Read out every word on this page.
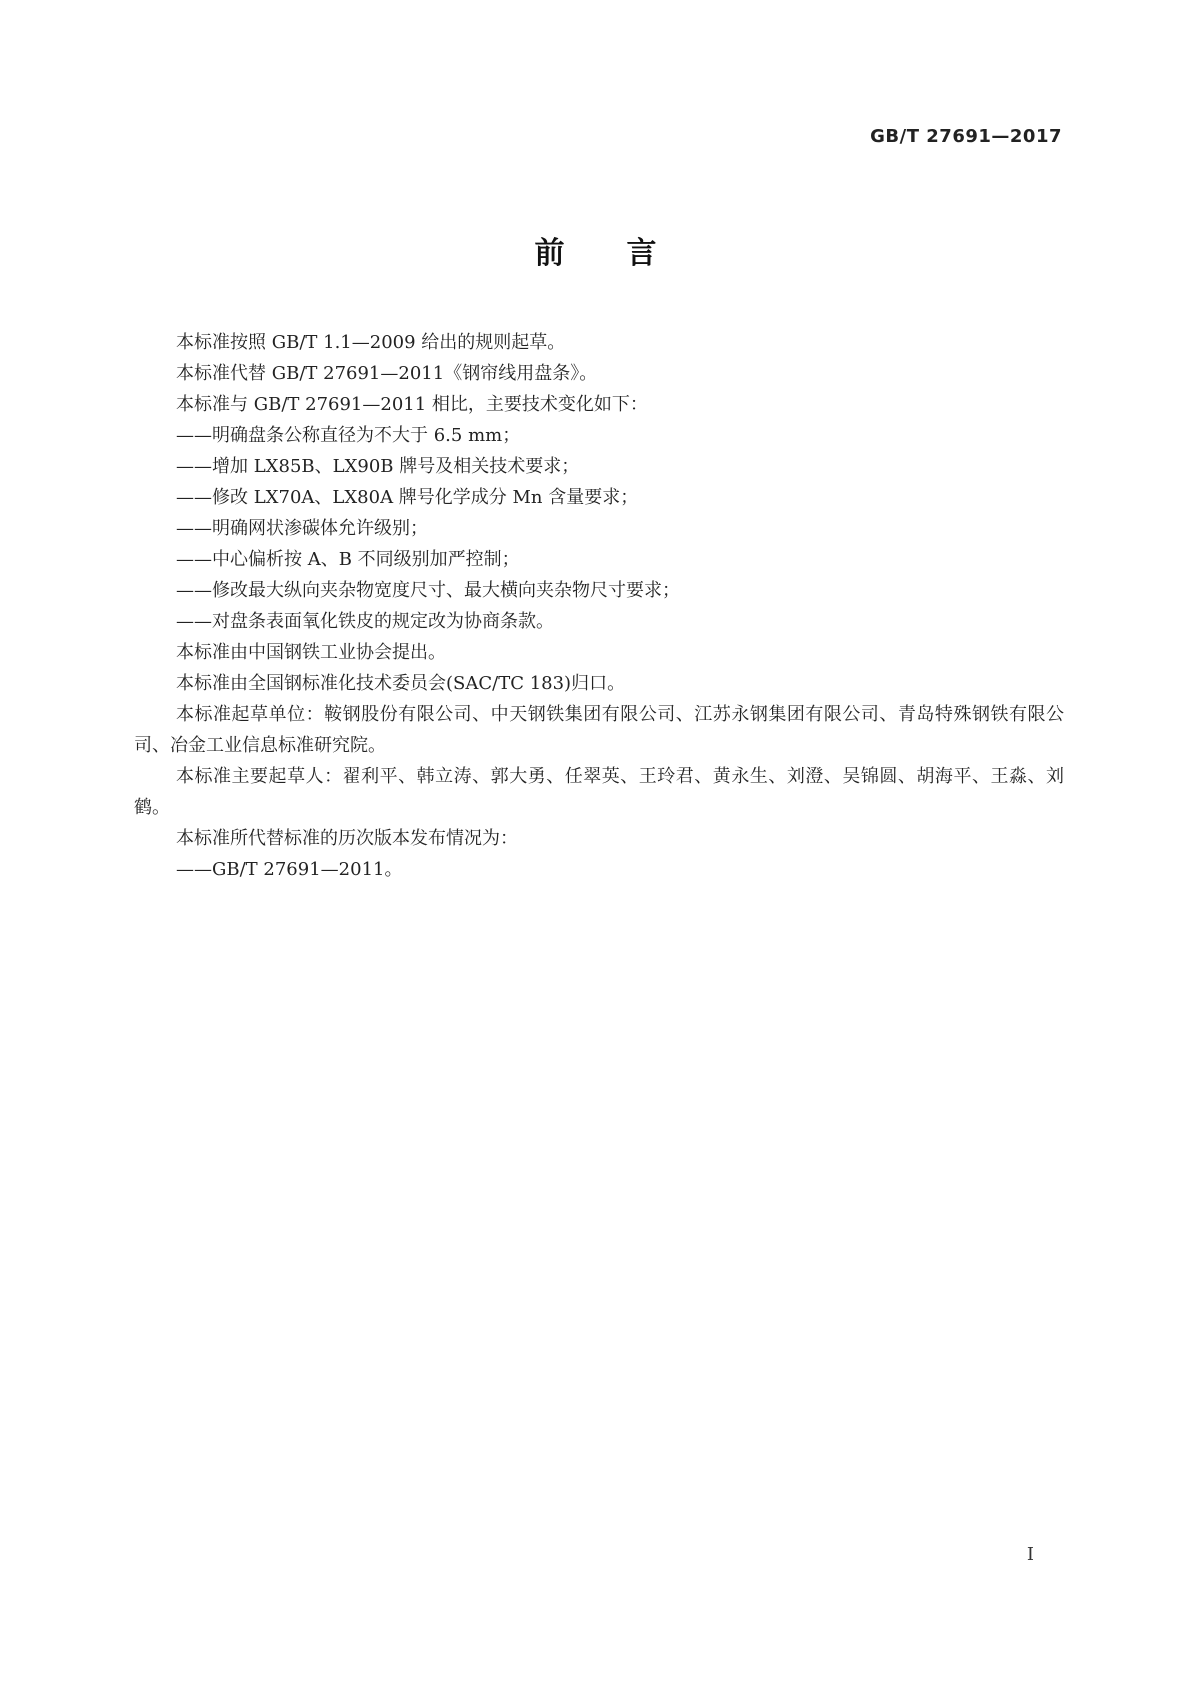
GB/T 27691—2017
前言

本标准按照 GB/T 1.1—2009 给出的规则起草。

本标准代替 GB/T 27691—2011《钢帘线用盘条》。

本标准与 GB/T 27691—2011 相比，主要技术变化如下：

——明确盘条公称直径为不大于 6.5 mm；

——增加 LX85B、LX90B 牌号及相关技术要求；

——修改 LX70A、LX80A 牌号化学成分 Mn 含量要求；

——明确网状渗碳体允许级别；

——中心偏析按 A、B 不同级别加严控制；

——修改最大纵向夹杂物宽度尺寸、最大横向夹杂物尺寸要求；

——对盘条表面氧化铁皮的规定改为协商条款。

本标准由中国钢铁工业协会提出。

本标准由全国钢标准化技术委员会(SAC/TC 183)归口。

本标准起草单位：鞍钢股份有限公司、中天钢铁集团有限公司、江苏永钢集团有限公司、青岛特殊钢铁有限公司、冶金工业信息标准研究院。

本标准主要起草人：翟利平、韩立涛、郭大勇、任翠英、王玲君、黄永生、刘澄、吴锦圆、胡海平、王淼、刘鹤。

本标准所代替标准的历次版本发布情况为：

——GB/T 27691—2011。

I
